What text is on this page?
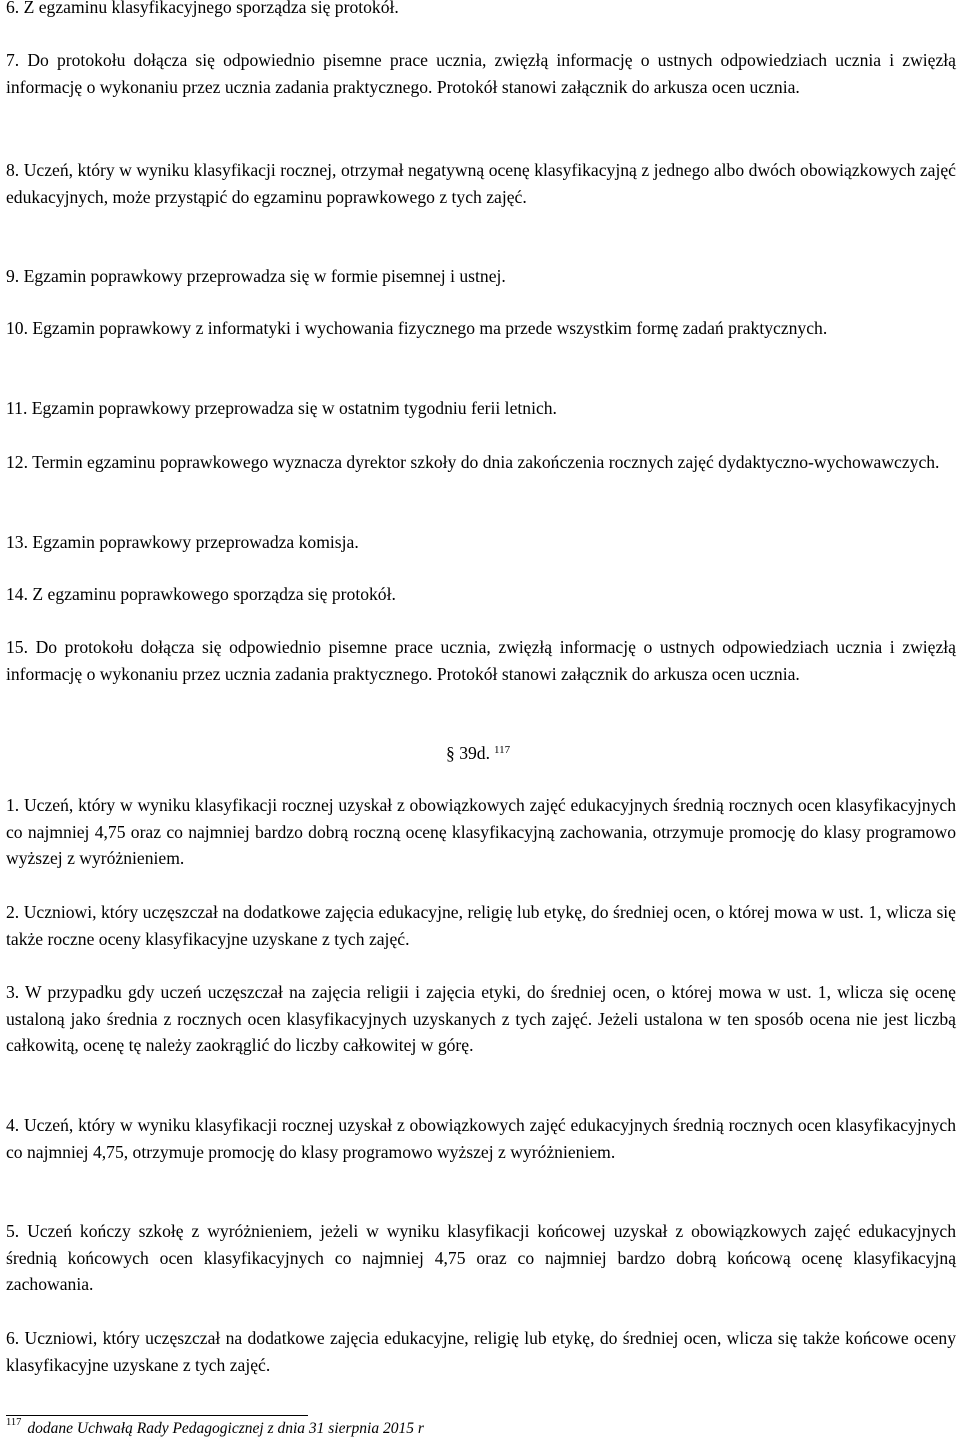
6. Z egzaminu klasyfikacyjnego sporządza się protokół.

7. Do protokołu dołącza się odpowiednio pisemne prace ucznia, zwięzłą informację o ustnych odpowiedziach ucznia i zwięzłą informację o wykonaniu przez ucznia zadania praktycznego. Protokół stanowi załącznik do arkusza ocen ucznia.

8. Uczeń, który w wyniku klasyfikacji rocznej, otrzymał negatywną ocenę klasyfikacyjną z jednego albo dwóch obowiązkowych zajęć edukacyjnych, może przystąpić do egzaminu poprawkowego z tych zajęć.

9. Egzamin poprawkowy przeprowadza się w formie pisemnej i ustnej.

10. Egzamin poprawkowy z informatyki i wychowania fizycznego ma przede wszystkim formę zadań praktycznych.

11. Egzamin poprawkowy przeprowadza się w ostatnim tygodniu ferii letnich.

12. Termin egzaminu poprawkowego wyznacza dyrektor szkoły do dnia zakończenia rocznych zajęć dydaktyczno-wychowawczych.

13. Egzamin poprawkowy przeprowadza komisja.

14. Z egzaminu poprawkowego sporządza się protokół.

15. Do protokołu dołącza się odpowiednio pisemne prace ucznia, zwięzłą informację o ustnych odpowiedziach ucznia i zwięzłą informację o wykonaniu przez ucznia zadania praktycznego. Protokół stanowi załącznik do arkusza ocen ucznia.

§ 39d. $^{117}$

1. Uczeń, który w wyniku klasyfikacji rocznej uzyskał z obowiązkowych zajęć edukacyjnych średnią rocznych ocen klasyfikacyjnych co najmniej 4,75 oraz co najmniej bardzo dobrą roczną ocenę klasyfikacyjną zachowania, otrzymuje promocję do klasy programowo wyższej z wyróżnieniem.

2. Uczniowi, który uczęszczał na dodatkowe zajęcia edukacyjne, religię lub etykę, do średniej ocen, o której mowa w ust. 1, wlicza się także roczne oceny klasyfikacyjne uzyskane z tych zajęć.

3. W przypadku gdy uczeń uczęszczał na zajęcia religii i zajęcia etyki, do średniej ocen, o której mowa w ust. 1, wlicza się ocenę ustaloną jako średnia z rocznych ocen klasyfikacyjnych uzyskanych z tych zajęć. Jeżeli ustalona w ten sposób ocena nie jest liczbą całkowitą, ocenę tę należy zaokrąglić do liczby całkowitej w górę.

4. Uczeń, który w wyniku klasyfikacji rocznej uzyskał z obowiązkowych zajęć edukacyjnych średnią rocznych ocen klasyfikacyjnych co najmniej 4,75, otrzymuje promocję do klasy programowo wyższej z wyróżnieniem.

5. Uczeń kończy szkołę z wyróżnieniem, jeżeli w wyniku klasyfikacji końcowej uzyskał z obowiązkowych zajęć edukacyjnych średnią końcowych ocen klasyfikacyjnych co najmniej 4,75 oraz co najmniej bardzo dobrą końcową ocenę klasyfikacyjną zachowania.

6. Uczniowi, który uczęszczał na dodatkowe zajęcia edukacyjne, religię lub etykę, do średniej ocen, wlicza się także końcowe oceny klasyfikacyjne uzyskane z tych zajęć.

$^{117}$ dodane Uchwałą Rady Pedagogicznej z dnia 31 sierpnia 2015 r
